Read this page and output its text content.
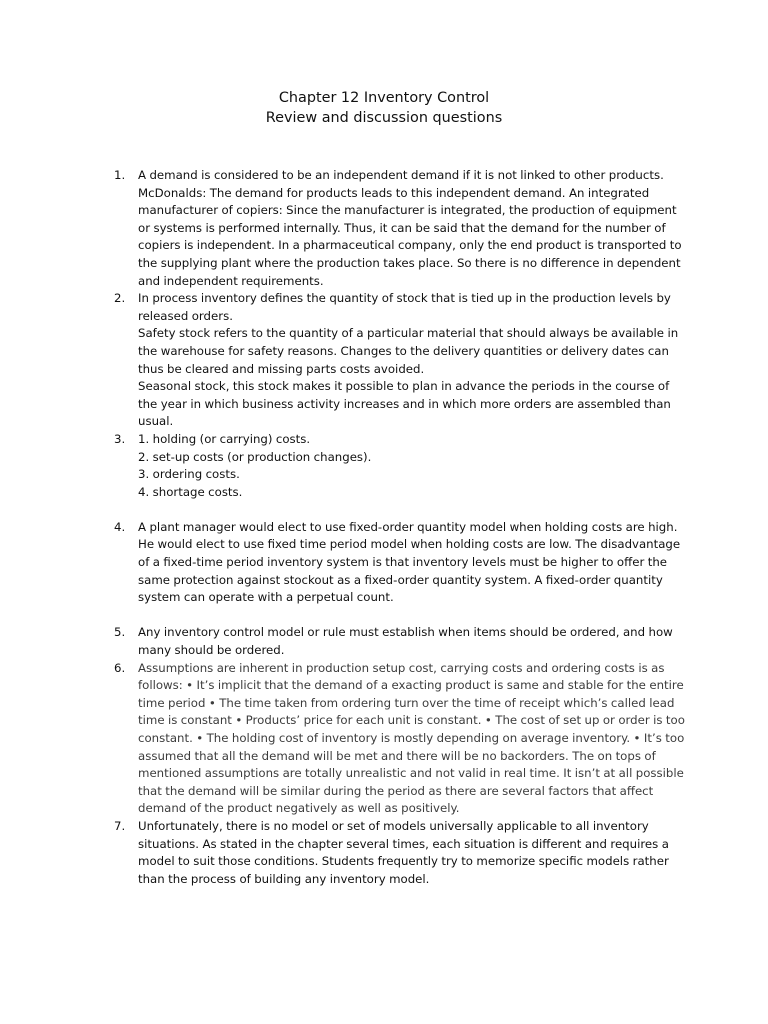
Chapter 12 Inventory Control

Review and discussion questions

1. A demand is considered to be an independent demand if it is not linked to other products. McDonalds: The demand for products leads to this independent demand. An integrated manufacturer of copiers: Since the manufacturer is integrated, the production of equipment or systems is performed internally. Thus, it can be said that the demand for the number of copiers is independent. In a pharmaceutical company, only the end product is transported to the supplying plant where the production takes place. So there is no difference in dependent and independent requirements.
2. In process inventory defines the quantity of stock that is tied up in the production levels by released orders.
Safety stock refers to the quantity of a particular material that should always be available in the warehouse for safety reasons. Changes to the delivery quantities or delivery dates can thus be cleared and missing parts costs avoided.
Seasonal stock, this stock makes it possible to plan in advance the periods in the course of the year in which business activity increases and in which more orders are assembled than usual.
3. 1. holding (or carrying) costs.
2. set-up costs (or production changes).
3. ordering costs.
4. shortage costs.
4. A plant manager would elect to use fixed-order quantity model when holding costs are high. He would elect to use fixed time period model when holding costs are low. The disadvantage of a fixed-time period inventory system is that inventory levels must be higher to offer the same protection against stockout as a fixed-order quantity system. A fixed-order quantity system can operate with a perpetual count.
5. Any inventory control model or rule must establish when items should be ordered, and how many should be ordered.
6. Assumptions are inherent in production setup cost, carrying costs and ordering costs is as follows: • It’s implicit that the demand of a exacting product is same and stable for the entire time period • The time taken from ordering turn over the time of receipt which’s called lead time is constant • Products’ price for each unit is constant. • The cost of set up or order is too constant. • The holding cost of inventory is mostly depending on average inventory. • It’s too assumed that all the demand will be met and there will be no backorders. The on tops of mentioned assumptions are totally unrealistic and not valid in real time. It isn’t at all possible that the demand will be similar during the period as there are several factors that affect demand of the product negatively as well as positively.
7. Unfortunately, there is no model or set of models universally applicable to all inventory situations. As stated in the chapter several times, each situation is different and requires a model to suit those conditions. Students frequently try to memorize specific models rather than the process of building any inventory model.
